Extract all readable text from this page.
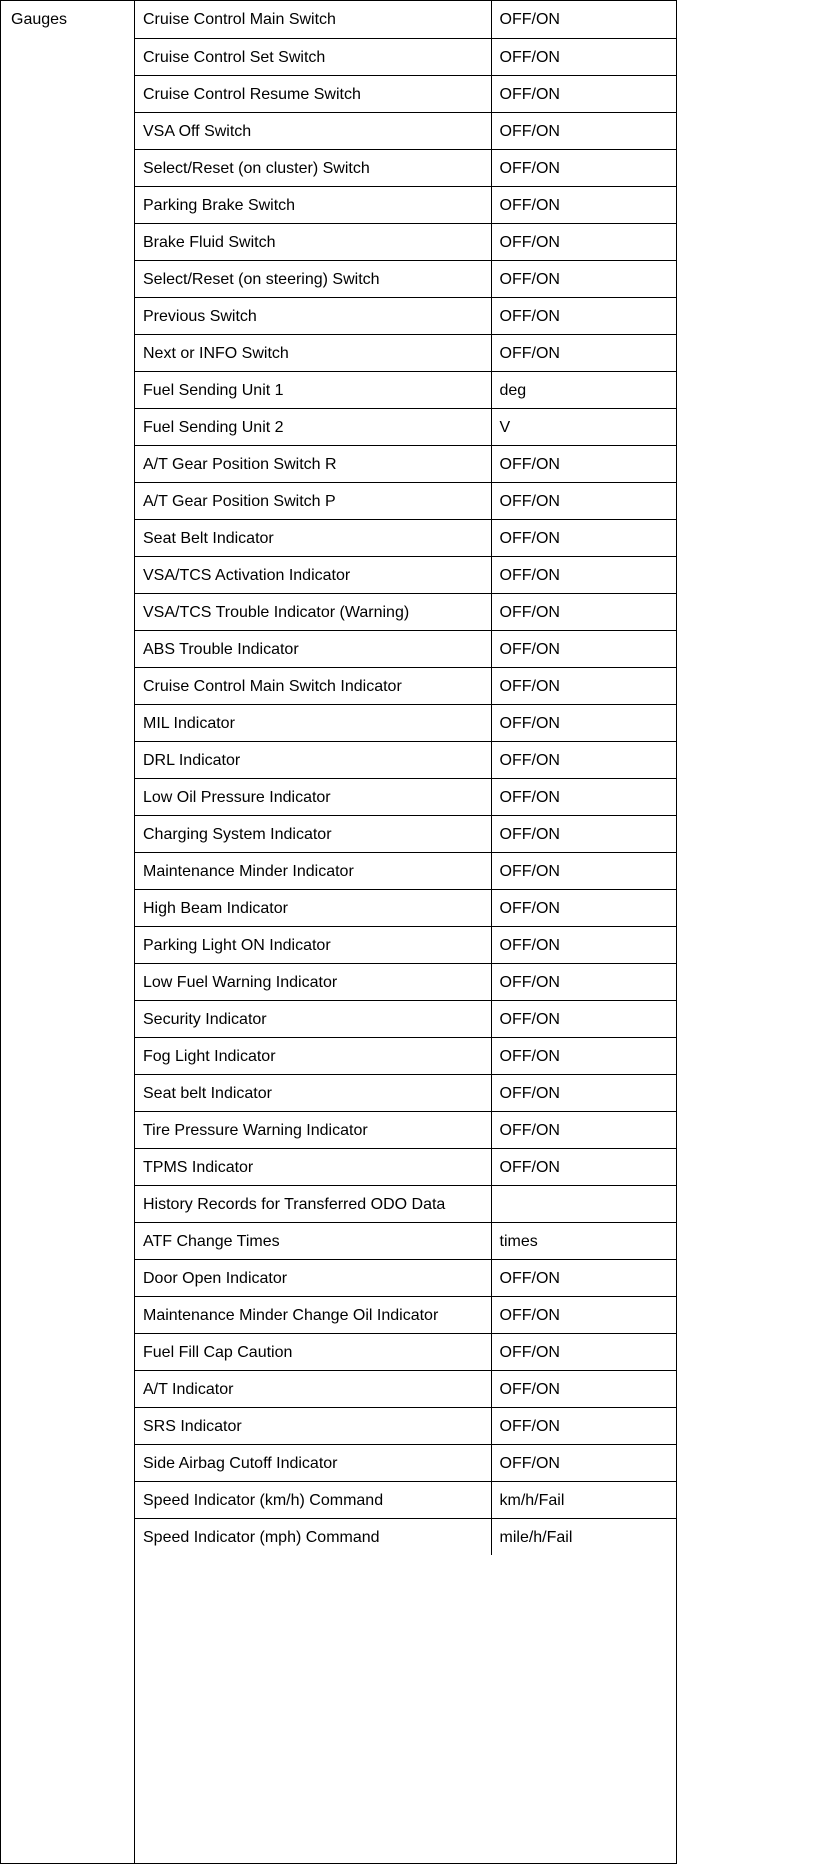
Gauges	Cruise Control Main Switch	OFF/ON
Cruise Control Set Switch	OFF/ON
Cruise Control Resume Switch	OFF/ON
VSA Off Switch	OFF/ON
Select/Reset (on cluster) Switch	OFF/ON
Parking Brake Switch	OFF/ON
Brake Fluid Switch	OFF/ON
Select/Reset (on steering) Switch	OFF/ON
Previous Switch	OFF/ON
Next or INFO Switch	OFF/ON
Fuel Sending Unit 1	deg
Fuel Sending Unit 2	V
A/T Gear Position Switch R	OFF/ON
A/T Gear Position Switch P	OFF/ON
Seat Belt Indicator	OFF/ON
VSA/TCS Activation Indicator	OFF/ON
VSA/TCS Trouble Indicator (Warning)	OFF/ON
ABS Trouble Indicator	OFF/ON
Cruise Control Main Switch Indicator	OFF/ON
MIL Indicator	OFF/ON
DRL Indicator	OFF/ON
Low Oil Pressure Indicator	OFF/ON
Charging System Indicator	OFF/ON
Maintenance Minder Indicator	OFF/ON
High Beam Indicator	OFF/ON
Parking Light ON Indicator	OFF/ON
Low Fuel Warning Indicator	OFF/ON
Security Indicator	OFF/ON
Fog Light Indicator	OFF/ON
Seat belt Indicator	OFF/ON
Tire Pressure Warning Indicator	OFF/ON
TPMS Indicator	OFF/ON
History Records for Transferred ODO Data	
ATF Change Times	times
Door Open Indicator	OFF/ON
Maintenance Minder Change Oil Indicator	OFF/ON
Fuel Fill Cap Caution	OFF/ON
A/T Indicator	OFF/ON
SRS Indicator	OFF/ON
Side Airbag Cutoff Indicator	OFF/ON
Speed Indicator (km/h) Command	km/h/Fail
Speed Indicator (mph) Command	mile/h/Fail
